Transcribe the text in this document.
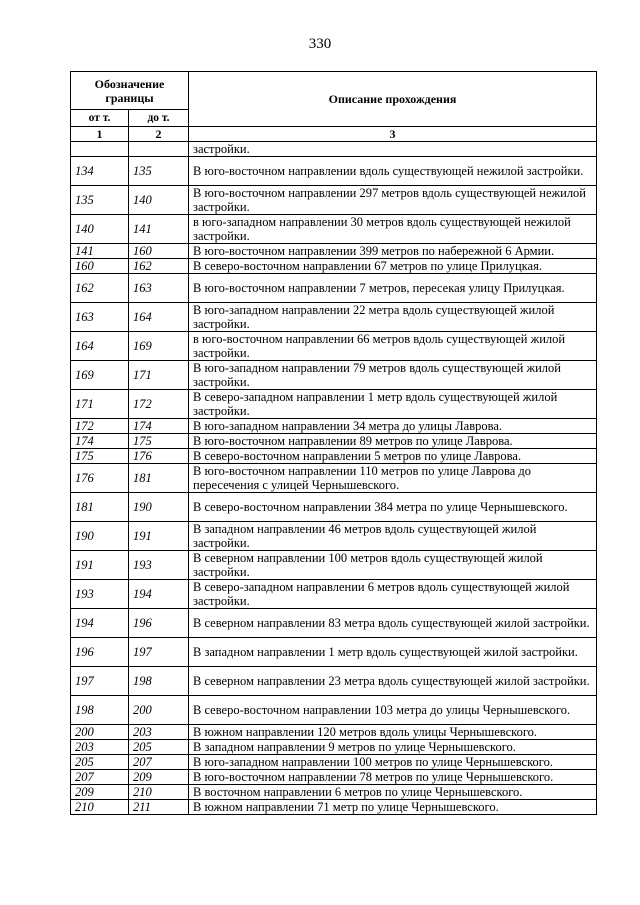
330
Обозначение границы		Описание прохождения
от т.	до т.	
1	2	3
		застройки.
134	135	В юго-восточном направлении вдоль существующей нежилой застройки.
135	140	В юго-восточном направлении 297 метров вдоль существующей нежилой застройки.
140	141	в юго-западном направлении 30 метров вдоль существующей нежилой застройки.
141	160	В юго-восточном направлении 399 метров по набережной 6 Армии.
160	162	В северо-восточном направлении 67 метров по улице Прилуцкая.
162	163	В юго-восточном направлении 7 метров, пересекая улицу Прилуцкая.
163	164	В юго-западном направлении 22 метра вдоль существующей жилой застройки.
164	169	в юго-восточном направлении 66 метров вдоль существующей жилой застройки.
169	171	В юго-западном направлении 79 метров вдоль существующей жилой застройки.
171	172	В северо-западном направлении 1 метр вдоль существующей жилой застройки.
172	174	В юго-западном направлении 34 метра до улицы Лаврова.
174	175	В юго-восточном направлении 89 метров по улице Лаврова.
175	176	В северо-восточном направлении 5 метров по улице Лаврова.
176	181	В юго-восточном направлении 110 метров по улице Лаврова до пересечения с улицей Чернышевского.
181	190	В северо-восточном направлении 384 метра по улице Чернышевского.
190	191	В западном направлении 46 метров вдоль существующей жилой застройки.
191	193	В северном направлении 100 метров вдоль существующей жилой застройки.
193	194	В северо-западном направлении 6 метров вдоль существующей жилой застройки.
194	196	В северном направлении 83 метра вдоль существующей жилой застройки.
196	197	В западном направлении 1 метр вдоль существующей жилой застройки.
197	198	В северном направлении 23 метра вдоль существующей жилой застройки.
198	200	В северо-восточном направлении 103 метра до улицы Чернышевского.
200	203	В южном направлении 120 метров вдоль улицы Чернышевского.
203	205	В западном направлении 9 метров по улице Чернышевского.
205	207	В юго-западном направлении 100 метров по улице Чернышевского.
207	209	В юго-восточном направлении 78 метров по улице Чернышевского.
209	210	В восточном направлении 6 метров по улице Чернышевского.
210	211	В южном направлении 71 метр по улице Чернышевского.
